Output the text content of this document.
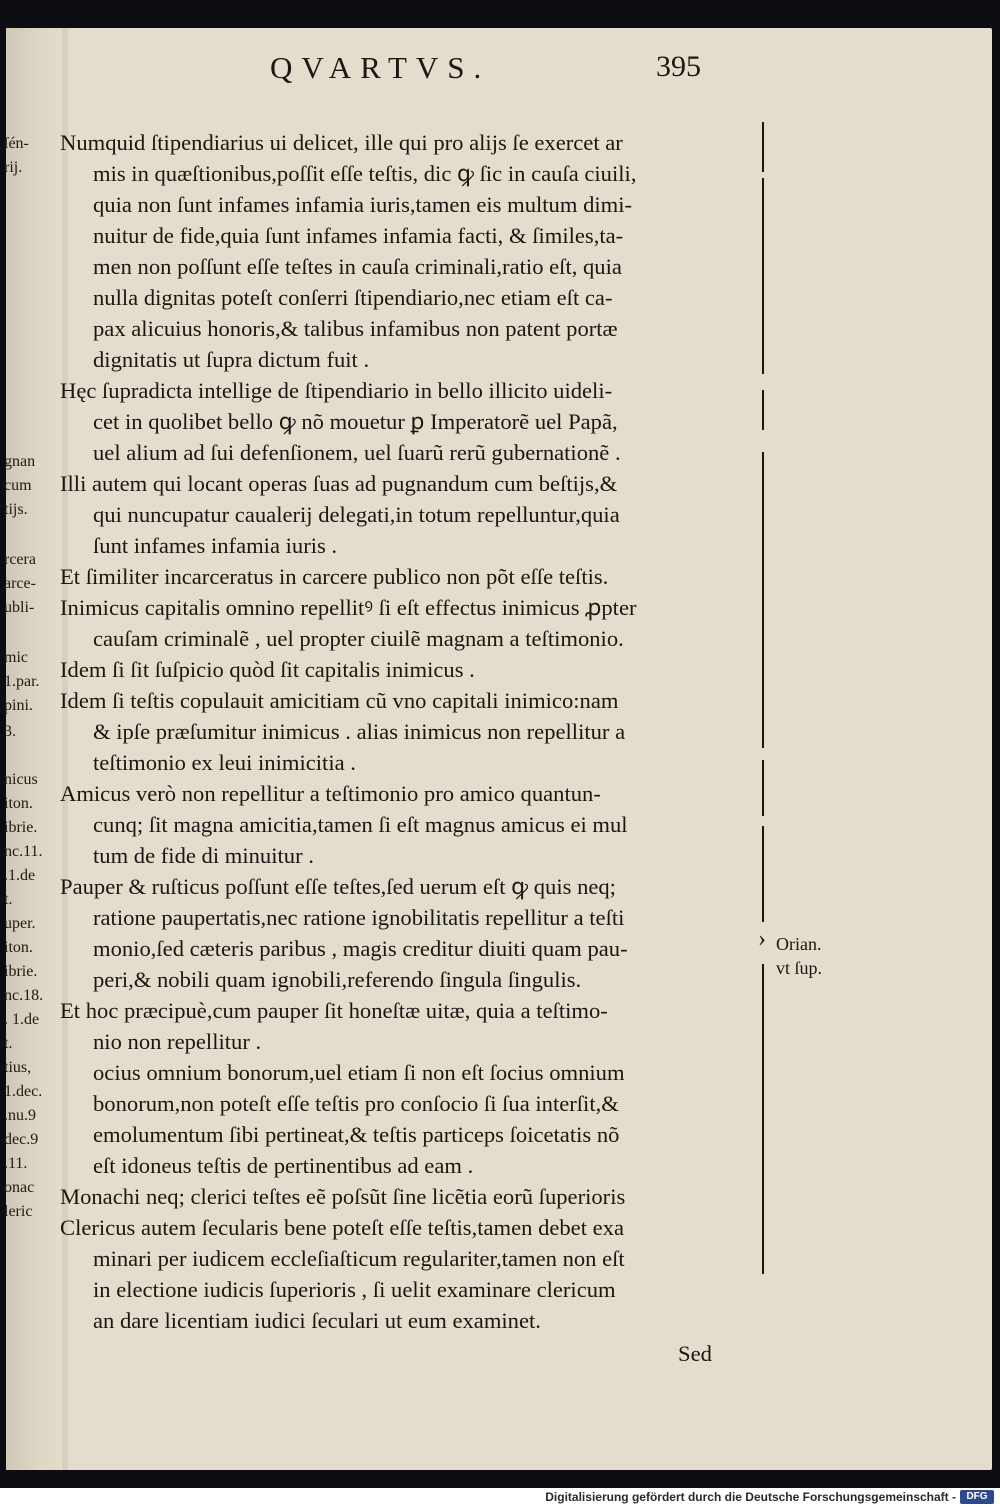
QVARTVS.	395
ſén-
rij.
gnan
cum
tijs.
rcera
arce-
ubli-
mic
1.par.
pini.
3.
nicus
iton.
ibrie.
nc.11.
.1.de
t.
uper.
iton.
ibrie.
nc.18.
. 1.de
t.
tius,
1.dec.
.nu.9
dec.9
.11.
onac
leric
Numquid ſtipendiarius ui delicet, ille qui pro alijs ſe exercet ar
mis in quæſtionibus,poſſit eſſe teſtis, dic ꝙ ſic in cauſa ciuili,
quia non ſunt infames infamia iuris,tamen eis multum dimi-
nuitur de fide,quia ſunt infames infamia facti, & ſimiles,ta-
men non poſſunt eſſe teſtes in cauſa criminali,ratio eſt, quia
nulla dignitas poteſt conſerri ſtipendiario,nec etiam eſt ca-
pax alicuius honoris,& talibus infamibus non patent portæ
dignitatis ut ſupra dictum fuit .
Hęc ſupradicta intellige de ſtipendiario in bello illicito uideli-
cet in quolibet bello ꝙ nõ mouetur ꝑ Imperatorẽ uel Papã,
uel alium ad ſui defenſionem, uel ſuarũ rerũ gubernationẽ .
Illi autem qui locant operas ſuas ad pugnandum cum beſtijs,&
qui nuncupatur caualerij delegati,in totum repelluntur,quia
ſunt infames infamia iuris .
Et ſimiliter incarceratus in carcere publico non põt eſſe teſtis.
Inimicus capitalis omnino repellitꝰ ſi eſt effectus inimicus ꝓpter
cauſam criminalẽ , uel propter ciuilẽ magnam a teſtimonio.
Idem ſi ſit ſuſpicio quòd ſit capitalis inimicus .
Idem ſi teſtis copulauit amicitiam cũ vno capitali inimico:nam
& ipſe præſumitur inimicus . alias inimicus non repellitur a
teſtimonio ex leui inimicitia .
Amicus verò non repellitur a teſtimonio pro amico quantun-
cunq; ſit magna amicitia,tamen ſi eſt magnus amicus ei mul
tum de fide di minuitur .
Pauper & ruſticus poſſunt eſſe teſtes,ſed uerum eſt ꝙ quis neq;
ratione paupertatis,nec ratione ignobilitatis repellitur a teſti
monio,ſed cæteris paribus , magis creditur diuiti quam pau-
peri,& nobili quam ignobili,referendo ſingula ſingulis.
Et hoc præcipuè,cum pauper ſit honeſtæ uitæ, quia a teſtimo-
nio non repellitur .
ocius omnium bonorum,uel etiam ſi non eſt ſocius omnium
bonorum,non poteſt eſſe teſtis pro conſocio ſi ſua interſit,&
emolumentum ſibi pertineat,& teſtis particeps ſoicetatis nõ
eſt idoneus teſtis de pertinentibus ad eam .
Monachi neq; clerici teſtes eẽ poſsũt ſine licẽtia eorũ ſuperioris
Clericus autem ſecularis bene poteſt eſſe teſtis,tamen debet exa
minari per iudicem eccleſiaſticum regulariter,tamen non eſt
in electione iudicis ſuperioris , ſi uelit examinare clericum
an dare licentiam iudici ſeculari ut eum examinet.
Sed
› Orian.
vt ſup.
Digitalisierung gefördert durch die Deutsche Forschungsgemeinschaft -	DFG
